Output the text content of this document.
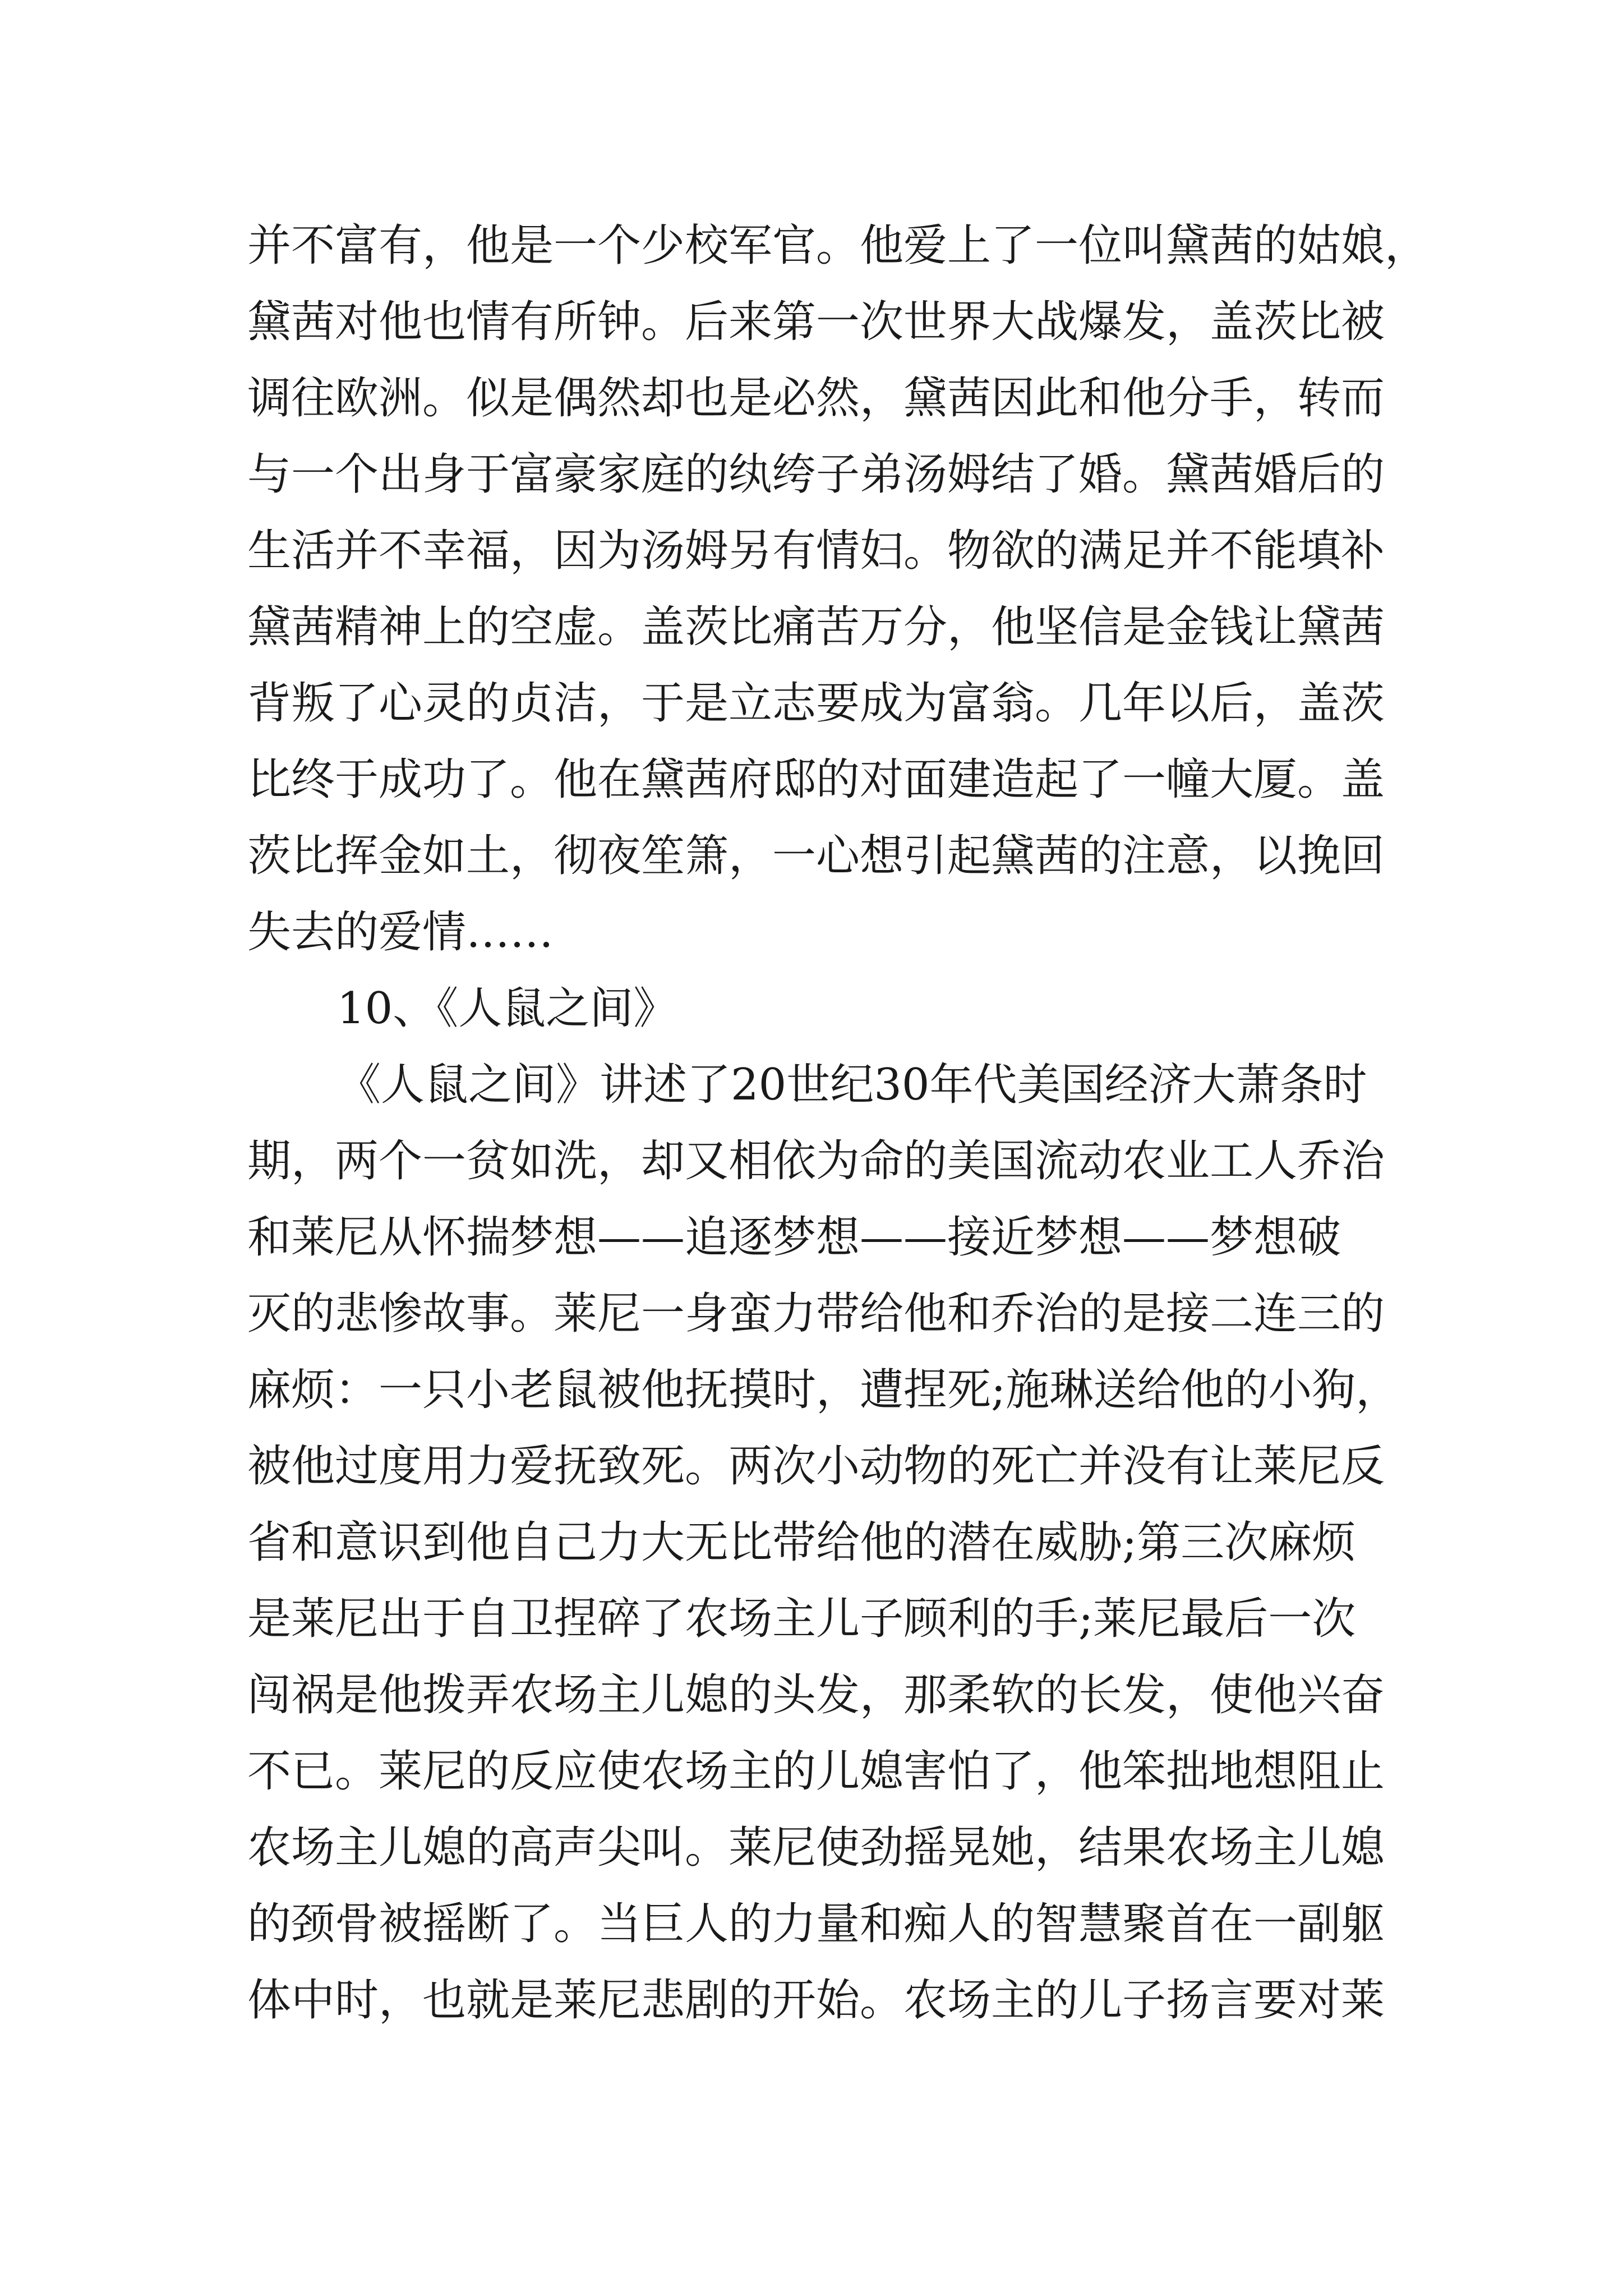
并不富有，他是一个少校军官。他爱上了一位叫黛茜的姑娘，
黛茜对他也情有所钟。后来第一次世界大战爆发，盖茨比被
调往欧洲。似是偶然却也是必然，黛茜因此和他分手，转而
与一个出身于富豪家庭的纨绔子弟汤姆结了婚。黛茜婚后的
生活并不幸福，因为汤姆另有情妇。物欲的满足并不能填补
黛茜精神上的空虚。盖茨比痛苦万分，他坚信是金钱让黛茜
背叛了心灵的贞洁，于是立志要成为富翁。几年以后，盖茨
比终于成功了。他在黛茜府邸的对面建造起了一幢大厦。盖
茨比挥金如土，彻夜笙箫，一心想引起黛茜的注意，以挽回
失去的爱情……
10、《人鼠之间》
《人鼠之间》讲述了20世纪30年代美国经济大萧条时
期，两个一贫如洗，却又相依为命的美国流动农业工人乔治
和莱尼从怀揣梦想——追逐梦想——接近梦想——梦想破
灭的悲惨故事。莱尼一身蛮力带给他和乔治的是接二连三的
麻烦：一只小老鼠被他抚摸时，遭捏死;施琳送给他的小狗，
被他过度用力爱抚致死。两次小动物的死亡并没有让莱尼反
省和意识到他自己力大无比带给他的潜在威胁;第三次麻烦
是莱尼出于自卫捏碎了农场主儿子顾利的手;莱尼最后一次
闯祸是他拨弄农场主儿媳的头发，那柔软的长发，使他兴奋
不已。莱尼的反应使农场主的儿媳害怕了，他笨拙地想阻止
农场主儿媳的高声尖叫。莱尼使劲摇晃她，结果农场主儿媳
的颈骨被摇断了。当巨人的力量和痴人的智慧聚首在一副躯
体中时，也就是莱尼悲剧的开始。农场主的儿子扬言要对莱
